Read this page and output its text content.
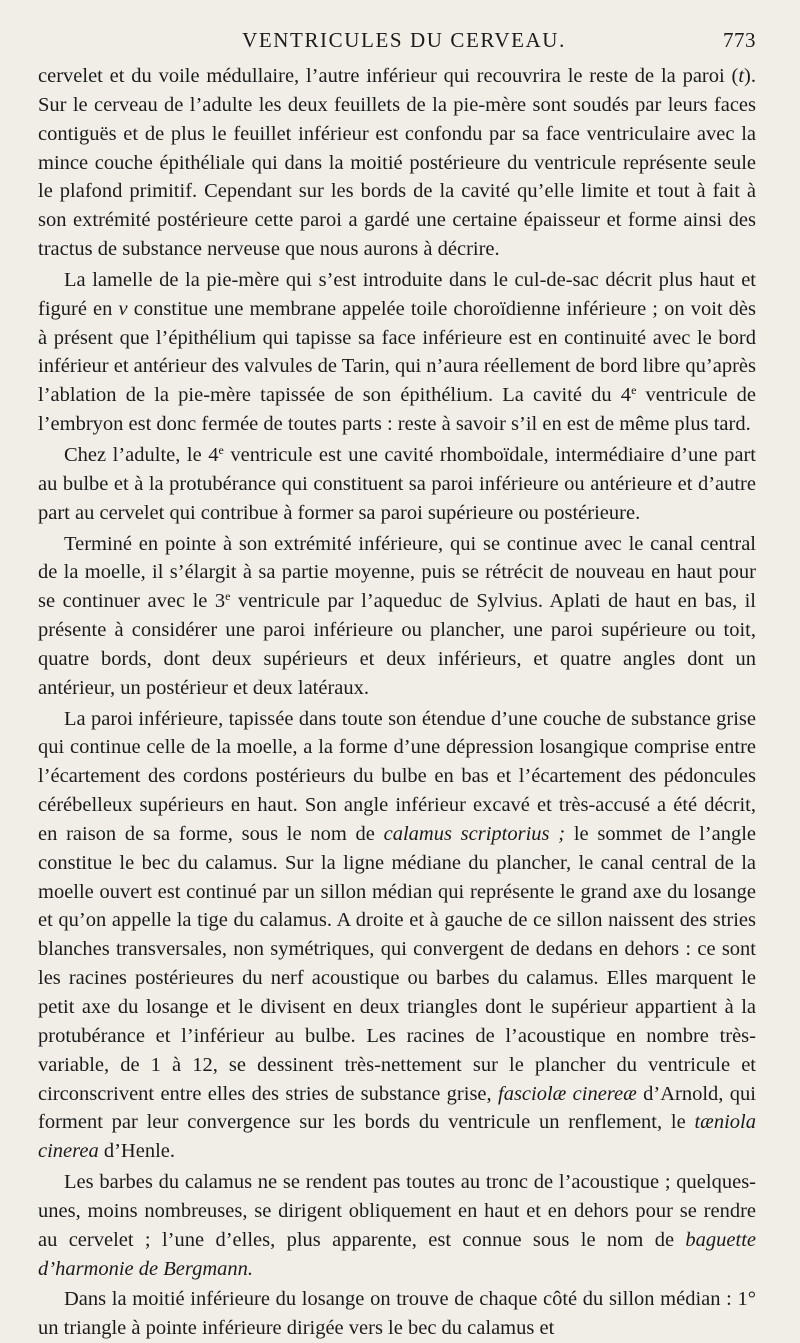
VENTRICULES DU CERVEAU.	773

cervelet et du voile médullaire, l’autre inférieur qui recouvrira le reste de la paroi (t). Sur le cerveau de l’adulte les deux feuillets de la pie-mère sont soudés par leurs faces contiguës et de plus le feuillet inférieur est confondu par sa face ventriculaire avec la mince couche épithéliale qui dans la moitié postérieure du ventricule représente seule le plafond primitif. Cependant sur les bords de la cavité qu’elle limite et tout à fait à son extrémité postérieure cette paroi a gardé une certaine épaisseur et forme ainsi des tractus de substance nerveuse que nous aurons à décrire.

La lamelle de la pie-mère qui s’est introduite dans le cul-de-sac décrit plus haut et figuré en v constitue une membrane appelée toile choroïdienne inférieure ; on voit dès à présent que l’épithélium qui tapisse sa face inférieure est en continuité avec le bord inférieur et antérieur des valvules de Tarin, qui n’aura réellement de bord libre qu’après l’ablation de la pie-mère tapissée de son épithélium. La cavité du 4e ventricule de l’embryon est donc fermée de toutes parts : reste à savoir s’il en est de même plus tard.

Chez l’adulte, le 4e ventricule est une cavité rhomboïdale, intermédiaire d’une part au bulbe et à la protubérance qui constituent sa paroi inférieure ou antérieure et d’autre part au cervelet qui contribue à former sa paroi supérieure ou postérieure.

Terminé en pointe à son extrémité inférieure, qui se continue avec le canal central de la moelle, il s’élargit à sa partie moyenne, puis se rétrécit de nouveau en haut pour se continuer avec le 3e ventricule par l’aqueduc de Sylvius. Aplati de haut en bas, il présente à considérer une paroi inférieure ou plancher, une paroi supérieure ou toit, quatre bords, dont deux supérieurs et deux inférieurs, et quatre angles dont un antérieur, un postérieur et deux latéraux.

La paroi inférieure, tapissée dans toute son étendue d’une couche de substance grise qui continue celle de la moelle, a la forme d’une dépression losangique comprise entre l’écartement des cordons postérieurs du bulbe en bas et l’écartement des pédoncules cérébelleux supérieurs en haut. Son angle inférieur excavé et très-accusé a été décrit, en raison de sa forme, sous le nom de calamus scriptorius ; le sommet de l’angle constitue le bec du calamus. Sur la ligne médiane du plancher, le canal central de la moelle ouvert est continué par un sillon médian qui représente le grand axe du losange et qu’on appelle la tige du calamus. A droite et à gauche de ce sillon naissent des stries blanches transversales, non symétriques, qui convergent de dedans en dehors : ce sont les racines postérieures du nerf acoustique ou barbes du calamus. Elles marquent le petit axe du losange et le divisent en deux triangles dont le supérieur appartient à la protubérance et l’inférieur au bulbe. Les racines de l’acoustique en nombre très-variable, de 1 à 12, se dessinent très-nettement sur le plancher du ventricule et circonscrivent entre elles des stries de substance grise, fasciolæ cinereæ d’Arnold, qui forment par leur convergence sur les bords du ventricule un renflement, le tæniola cinerea d’Henle.

Les barbes du calamus ne se rendent pas toutes au tronc de l’acoustique ; quelques-unes, moins nombreuses, se dirigent obliquement en haut et en dehors pour se rendre au cervelet ; l’une d’elles, plus apparente, est connue sous le nom de baguette d’harmonie de Bergmann.

Dans la moitié inférieure du losange on trouve de chaque côté du sillon médian : 1° un triangle à pointe inférieure dirigée vers le bec du calamus et
